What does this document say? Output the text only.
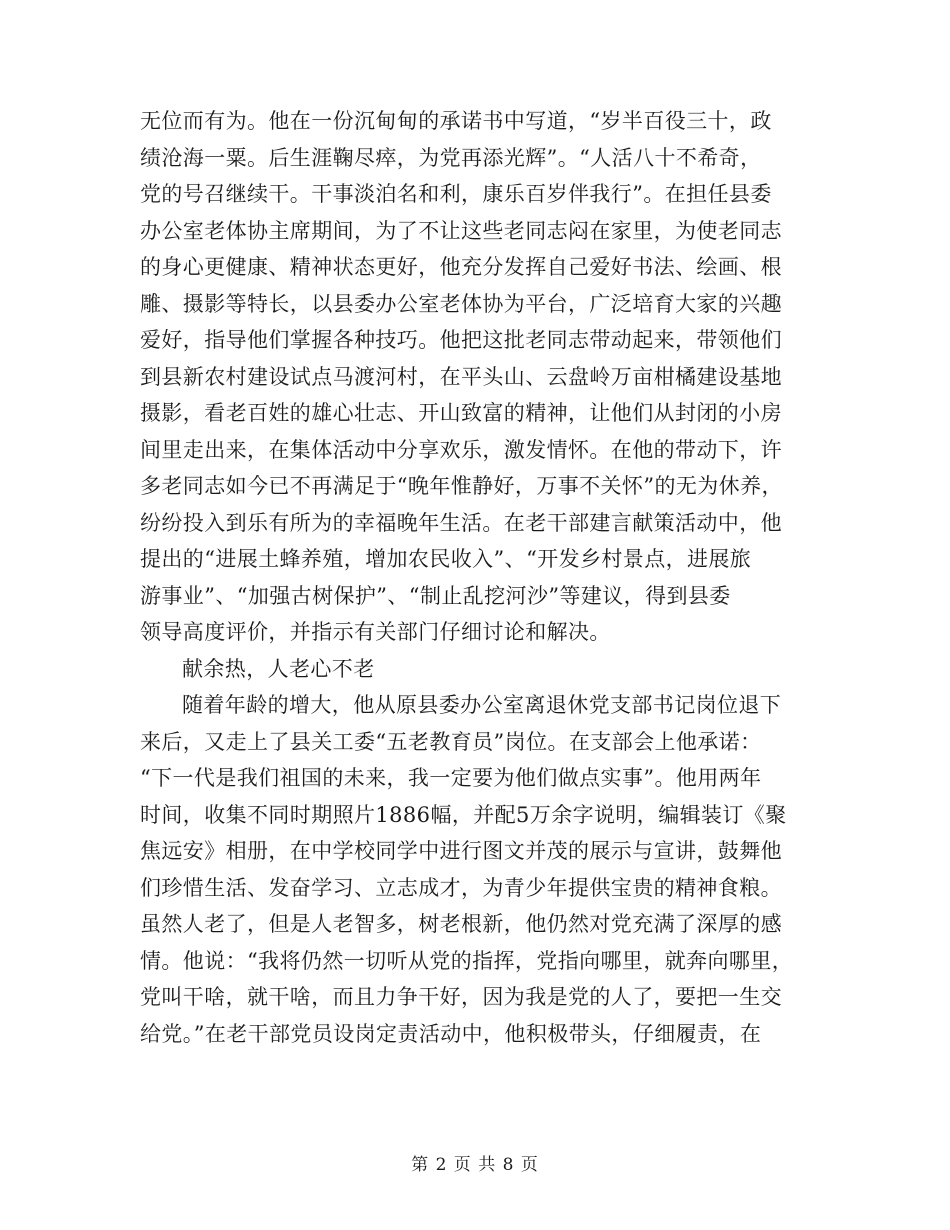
无位而有为。他在一份沉甸甸的承诺书中写道，“岁半百役三十，政
绩沧海一粟。后生涯鞠尽瘁，为党再添光辉”。“人活八十不希奇，
党的号召继续干。干事淡泊名和利，康乐百岁伴我行”。在担任县委
办公室老体协主席期间，为了不让这些老同志闷在家里，为使老同志
的身心更健康、精神状态更好，他充分发挥自己爱好书法、绘画、根
雕、摄影等特长，以县委办公室老体协为平台，广泛培育大家的兴趣
爱好，指导他们掌握各种技巧。他把这批老同志带动起来，带领他们
到县新农村建设试点马渡河村，在平头山、云盘岭万亩柑橘建设基地
摄影，看老百姓的雄心壮志、开山致富的精神，让他们从封闭的小房
间里走出来，在集体活动中分享欢乐，激发情怀。在他的带动下，许
多老同志如今已不再满足于“晚年惟静好，万事不关怀”的无为休养，
纷纷投入到乐有所为的幸福晚年生活。在老干部建言献策活动中，他
提出的“进展土蜂养殖，增加农民收入”、“开发乡村景点，进展旅
游事业”、“加强古树保护”、“制止乱挖河沙”等建议，得到县委
领导高度评价，并指示有关部门仔细讨论和解决。
献余热，人老心不老
随着年龄的增大，他从原县委办公室离退休党支部书记岗位退下
来后，又走上了县关工委“五老教育员”岗位。在支部会上他承诺：
“下一代是我们祖国的未来，我一定要为他们做点实事”。他用两年
时间，收集不同时期照片1886幅，并配5万余字说明，编辑装订《聚
焦远安》相册，在中学校同学中进行图文并茂的展示与宣讲，鼓舞他
们珍惜生活、发奋学习、立志成才，为青少年提供宝贵的精神食粮。
虽然人老了，但是人老智多，树老根新，他仍然对党充满了深厚的感
情。他说：“我将仍然一切听从党的指挥，党指向哪里，就奔向哪里，
党叫干啥，就干啥，而且力争干好，因为我是党的人了，要把一生交
给党。”在老干部党员设岗定责活动中，他积极带头，仔细履责，在
第 2 页 共 8 页
